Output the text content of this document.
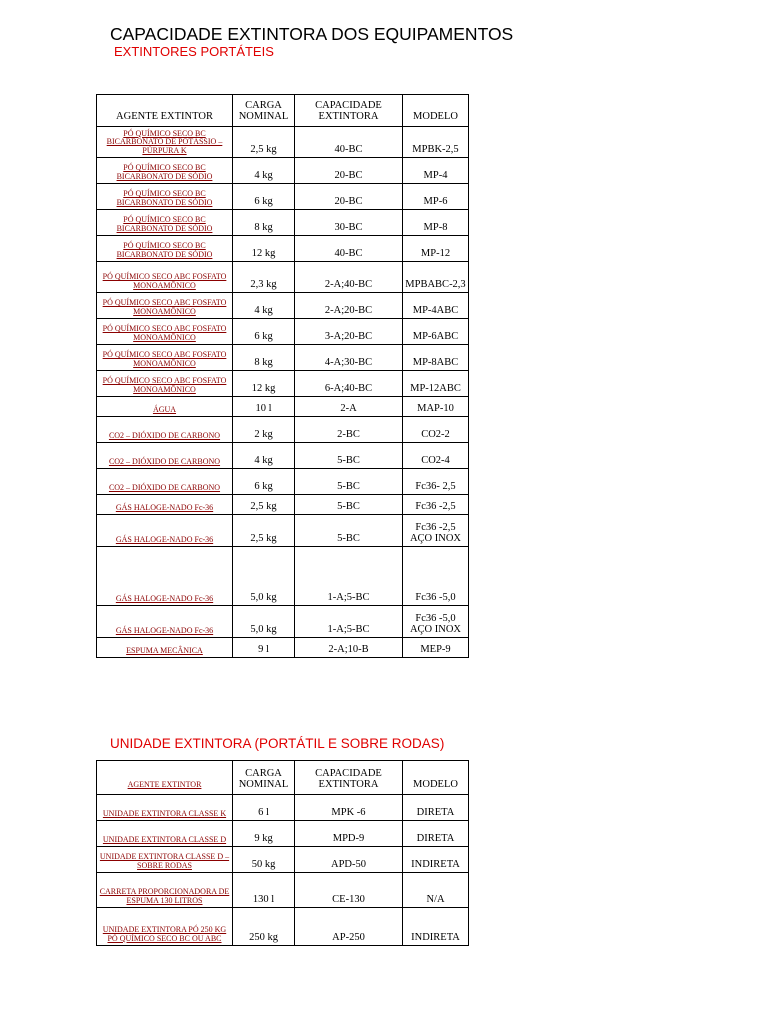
CAPACIDADE EXTINTORA DOS EQUIPAMENTOS
EXTINTORES PORTÁTEIS
AGENTE EXTINTOR	CARGA NOMINAL	CAPACIDADE EXTINTORA	MODELO
PÓ QUÍMICO SECO BC BICARBONATO DE POTÁSSIO – PÚRPURA K	2,5 kg	40-BC	MPBK-2,5
PÓ QUÍMICO SECO BC BICARBONATO DE SÓDIO	4 kg	20-BC	MP-4
PÓ QUÍMICO SECO BC BICARBONATO DE SÓDIO	6 kg	20-BC	MP-6
PÓ QUÍMICO SECO BC BICARBONATO DE SÓDIO	8 kg	30-BC	MP-8
PÓ QUÍMICO SECO BC BICARBONATO DE SÓDIO	12 kg	40-BC	MP-12
PÓ QUÍMICO SECO ABC FOSFATO MONOAMÔNICO	2,3 kg	2-A;40-BC	MPBABC-2,3
PÓ QUÍMICO SECO ABC FOSFATO MONOAMÔNICO	4 kg	2-A;20-BC	MP-4ABC
PÓ QUÍMICO SECO ABC FOSFATO MONOAMÔNICO	6 kg	3-A;20-BC	MP-6ABC
PÓ QUÍMICO SECO ABC FOSFATO MONOAMÔNICO	8 kg	4-A;30-BC	MP-8ABC
PÓ QUÍMICO SECO ABC FOSFATO MONOAMÔNICO	12 kg	6-A;40-BC	MP-12ABC
ÁGUA	10 l	2-A	MAP-10
CO2 – DIÓXIDO DE CARBONO	2 kg	2-BC	CO2-2
CO2 – DIÓXIDO DE CARBONO	4 kg	5-BC	CO2-4
CO2 – DIÓXIDO DE CARBONO	6 kg	5-BC	Fc36- 2,5
GÁS HALOGE-NADO Fc-36	2,5 kg	5-BC	Fc36 -2,5
GÁS HALOGE-NADO Fc-36	2,5 kg	5-BC	Fc36 -2,5 AÇO INOX
GÁS HALOGE-NADO Fc-36	5,0 kg	1-A;5-BC	Fc36 -5,0
GÁS HALOGE-NADO Fc-36	5,0 kg	1-A;5-BC	Fc36 -5,0 AÇO INOX
ESPUMA MECÂNICA	9 l	2-A;10-B	MEP-9
UNIDADE EXTINTORA (PORTÁTIL E SOBRE RODAS)
AGENTE EXTINTOR	CARGA NOMINAL	CAPACIDADE EXTINTORA	MODELO
UNIDADE EXTINTORA CLASSE K	6 l	MPK -6	DIRETA
UNIDADE EXTINTORA CLASSE D	9 kg	MPD-9	DIRETA
UNIDADE EXTINTORA CLASSE D – SOBRE RODAS	50 kg	APD-50	INDIRETA
CARRETA PROPORCIONADORA DE ESPUMA 130 LITROS	130 l	CE-130	N/A
UNIDADE EXTINTORA PÓ 250 KG PÓ QUÍMICO SECO BC OU ABC	250 kg	AP-250	INDIRETA
